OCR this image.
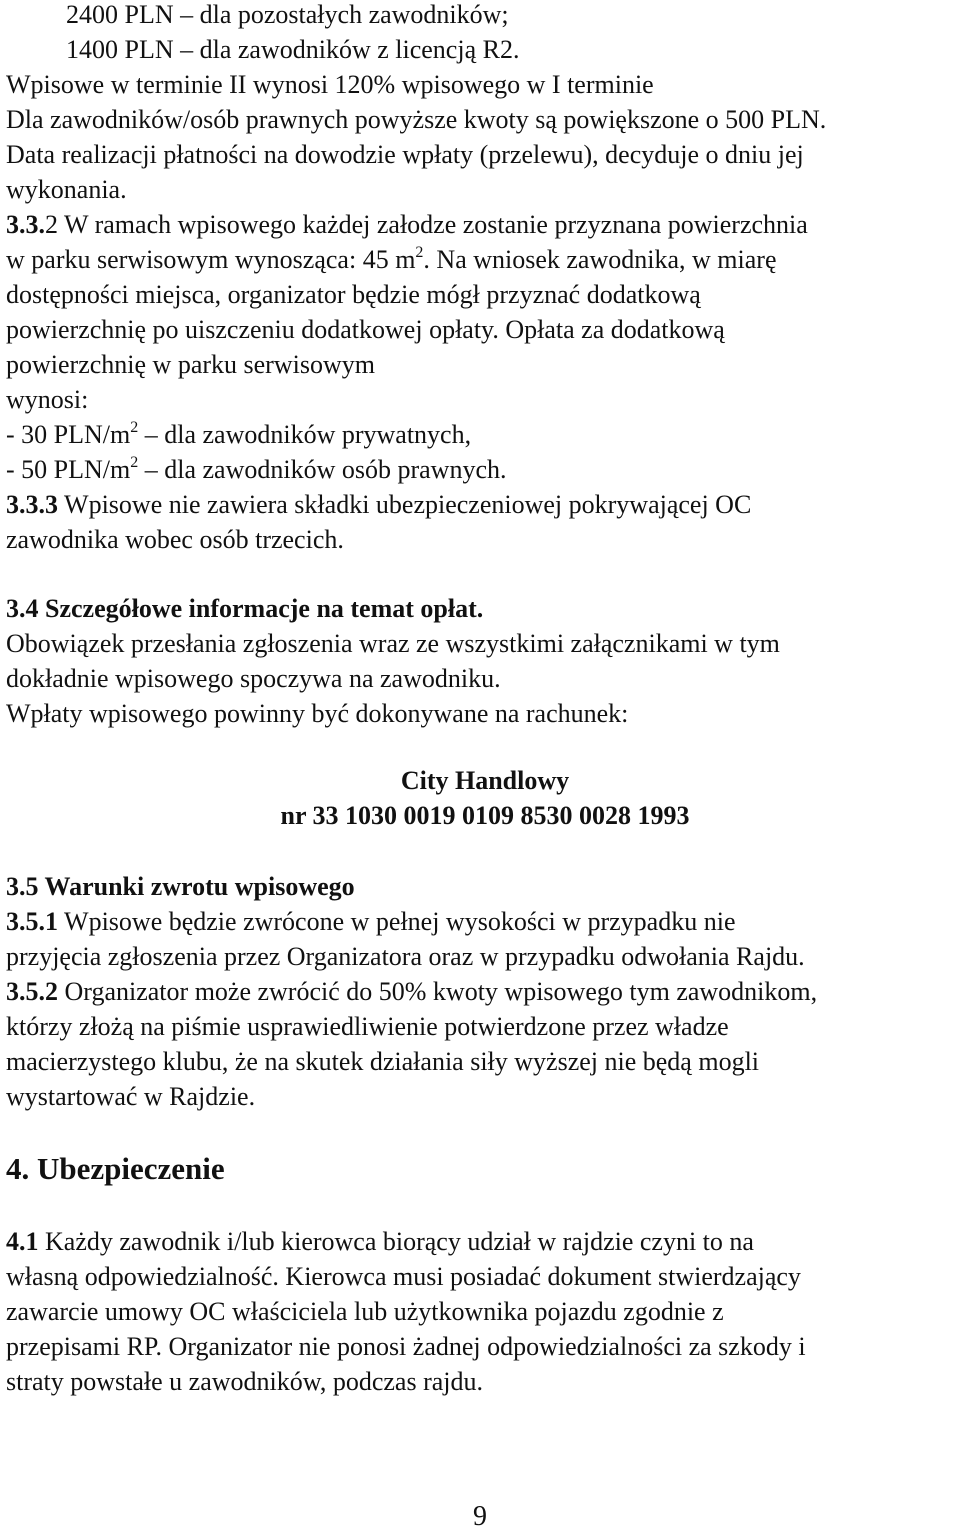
2400 PLN – dla pozostałych zawodników;
1400 PLN – dla zawodników z licencją R2.
Wpisowe w terminie II wynosi 120% wpisowego w I terminie
Dla zawodników/osób prawnych powyższe kwoty są powiększone o 500 PLN.
Data realizacji płatności na dowodzie wpłaty (przelewu), decyduje o dniu jej
wykonania.
3.3.2 W ramach wpisowego każdej załodze zostanie przyznana powierzchnia
w parku serwisowym wynosząca: 45 $m^2$. Na wniosek zawodnika, w miarę
dostępności miejsca, organizator będzie mógł przyznać dodatkową
powierzchnię po uiszczeniu dodatkowej opłaty. Opłata za dodatkową
powierzchnię w parku serwisowym
wynosi:
- 30 PLN/$m^2$ – dla zawodników prywatnych,
- 50 PLN/$m^2$ – dla zawodników osób prawnych.
3.3.3 Wpisowe nie zawiera składki ubezpieczeniowej pokrywającej OC
zawodnika wobec osób trzecich.
3.4 Szczegółowe informacje na temat opłat.
Obowiązek przesłania zgłoszenia wraz ze wszystkimi załącznikami w tym
dokładnie wpisowego spoczywa na zawodniku.
Wpłaty wpisowego powinny być dokonywane na rachunek:
City Handlowy
nr 33 1030 0019 0109 8530 0028 1993
3.5 Warunki zwrotu wpisowego
3.5.1 Wpisowe będzie zwrócone w pełnej wysokości w przypadku nie
przyjęcia zgłoszenia przez Organizatora oraz w przypadku odwołania Rajdu.
3.5.2 Organizator może zwrócić do 50% kwoty wpisowego tym zawodnikom,
którzy złożą na piśmie usprawiedliwienie potwierdzone przez władze
macierzystego klubu, że na skutek działania siły wyższej nie będą mogli
wystartować w Rajdzie.
4. Ubezpieczenie
4.1 Każdy zawodnik i/lub kierowca biorący udział w rajdzie czyni to na
własną odpowiedzialność. Kierowca musi posiadać dokument stwierdzający
zawarcie umowy OC właściciela lub użytkownika pojazdu zgodnie z
przepisami RP. Organizator nie ponosi żadnej odpowiedzialności za szkody i
straty powstałe u zawodników, podczas rajdu.
9
